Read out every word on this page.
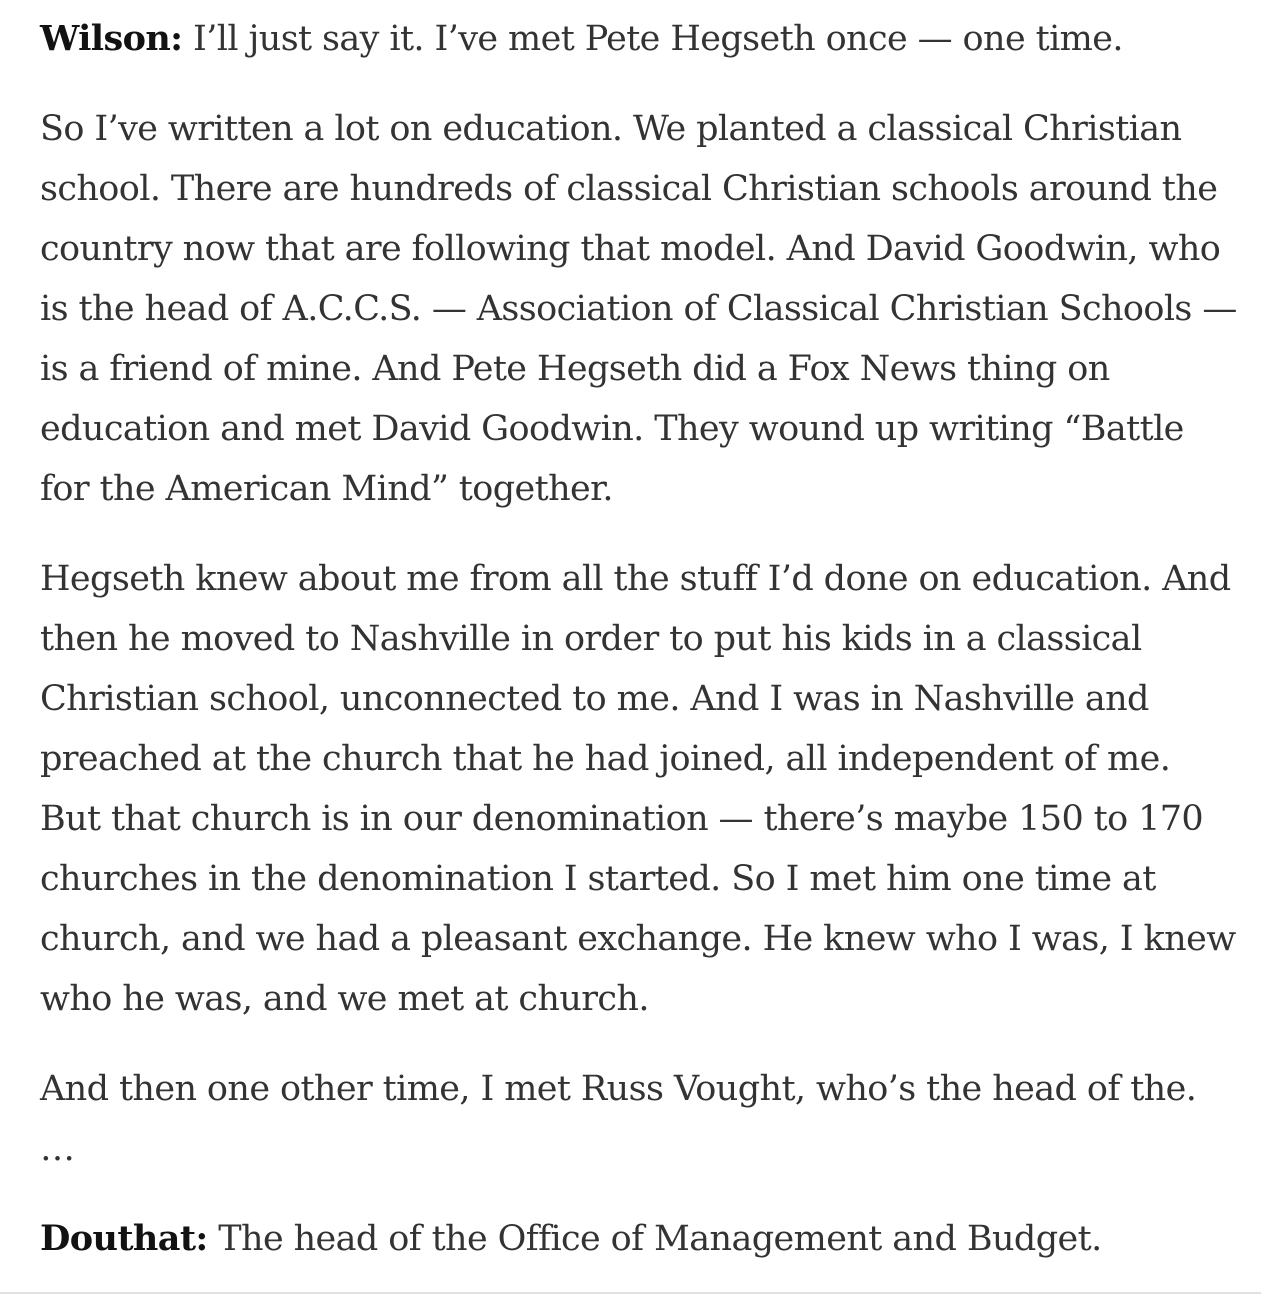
Wilson: I’ll just say it. I’ve met Pete Hegseth once — one time.

So I’ve written a lot on education. We planted a classical Christian school. There are hundreds of classical Christian schools around the country now that are following that model. And David Goodwin, who is the head of A.C.C.S. — Association of Classical Christian Schools — is a friend of mine. And Pete Hegseth did a Fox News thing on education and met David Goodwin. They wound up writing “Battle for the American Mind” together.

Hegseth knew about me from all the stuff I’d done on education. And then he moved to Nashville in order to put his kids in a classical Christian school, unconnected to me. And I was in Nashville and preached at the church that he had joined, all independent of me. But that church is in our denomination — there’s maybe 150 to 170 churches in the denomination I started. So I met him one time at church, and we had a pleasant exchange. He knew who I was, I knew who he was, and we met at church.

And then one other time, I met Russ Vought, who’s the head of the. …

Douthat: The head of the Office of Management and Budget.
